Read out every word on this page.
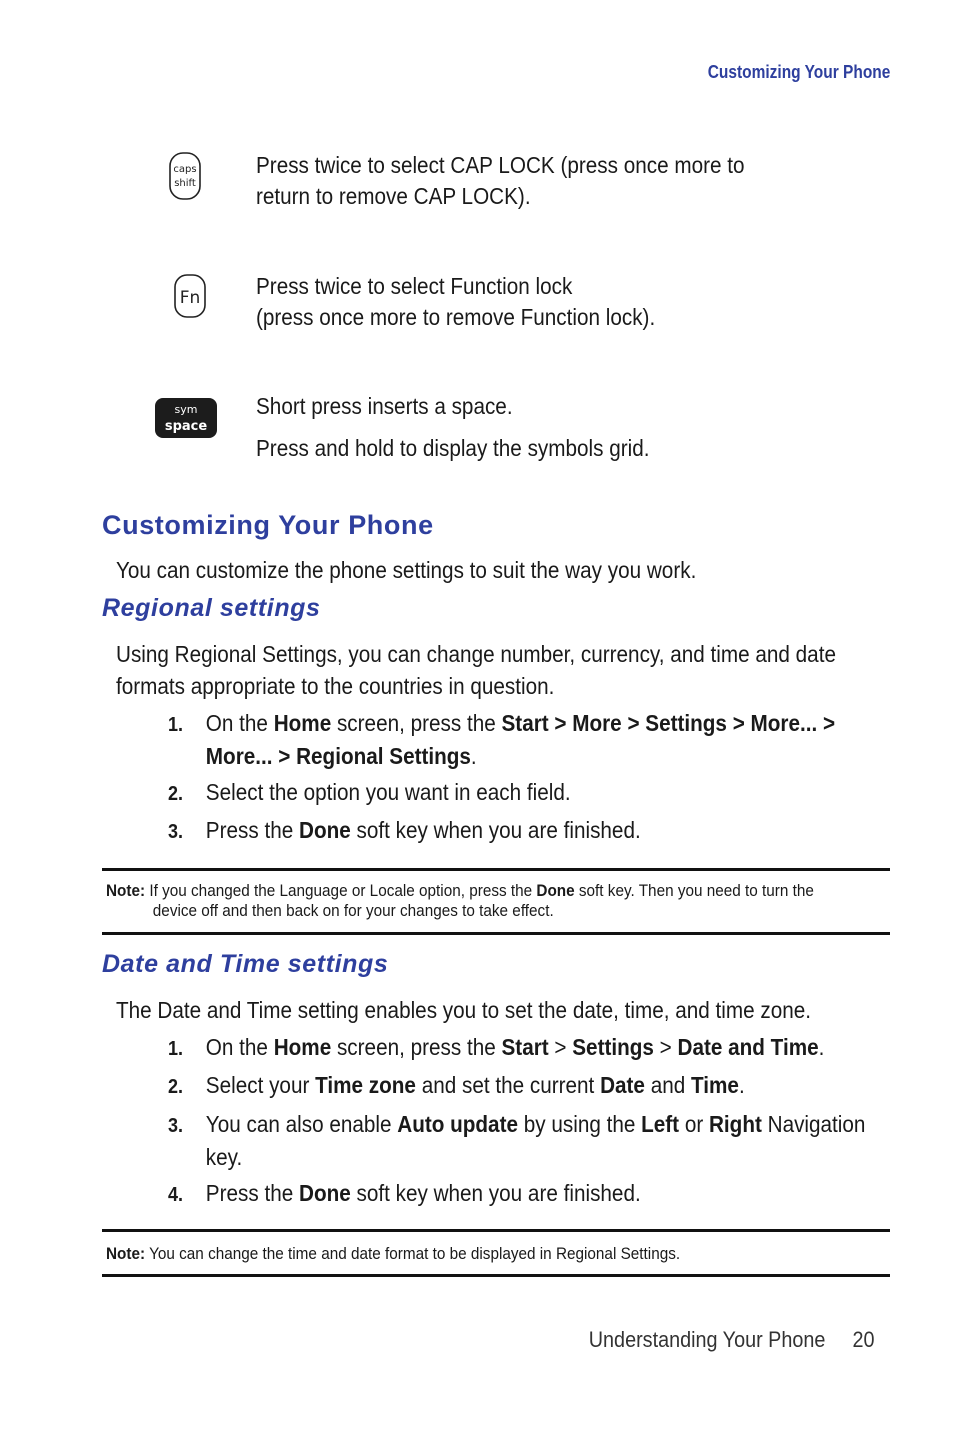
Customizing Your Phone
caps
shift
Press twice to select CAP LOCK (press once more to
return to remove CAP LOCK).
Fn Press twice to select Function lock
(press once more to remove Function lock).
sym
space
Short press inserts a space.
Press and hold to display the symbols grid.
Customizing Your Phone
You can customize the phone settings to suit the way you work.
Regional settings
Using Regional Settings, you can change number, currency, and time and date
formats appropriate to the countries in question.
1. On the Home screen, press the Start > More > Settings > More... >
More... > Regional Settings.
2. Select the option you want in each field.
3. Press the Done soft key when you are finished.
Note: If you changed the Language or Locale option, press the Done soft key. Then you need to turn the
device off and then back on for your changes to take effect.
Date and Time settings
The Date and Time setting enables you to set the date, time, and time zone.
1. On the Home screen, press the Start > Settings > Date and Time.
2. Select your Time zone and set the current Date and Time.
3. You can also enable Auto update by using the Left or Right Navigation
key.
4. Press the Done soft key when you are finished.
Note: You can change the time and date format to be displayed in Regional Settings.
Understanding Your Phone 20
